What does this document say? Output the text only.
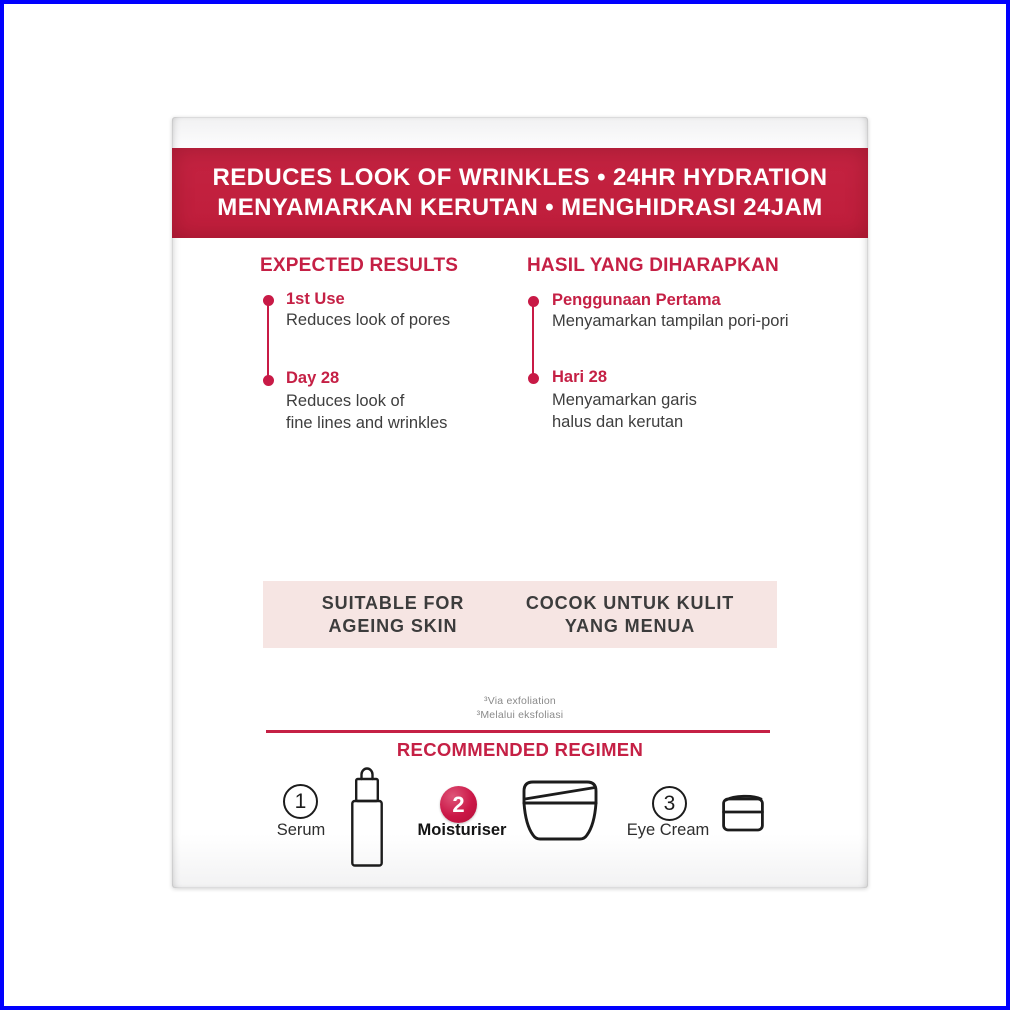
REDUCES LOOK OF WRINKLES • 24HR HYDRATION
MENYAMARKAN KERUTAN • MENGHIDRASI 24JAM
EXPECTED RESULTS
1st Use
Reduces look of pores
Day 28
Reduces look of
fine lines and wrinkles
HASIL YANG DIHARAPKAN
Penggunaan Pertama
Menyamarkan tampilan pori-pori
Hari 28
Menyamarkan garis
halus dan kerutan
SUITABLE FOR
AGEING SKIN
COCOK UNTUK KULIT
YANG MENUA
³Via exfoliation
³Melalui eksfoliasi
RECOMMENDED REGIMEN
1
Serum
2
Moisturiser
3
Eye Cream
